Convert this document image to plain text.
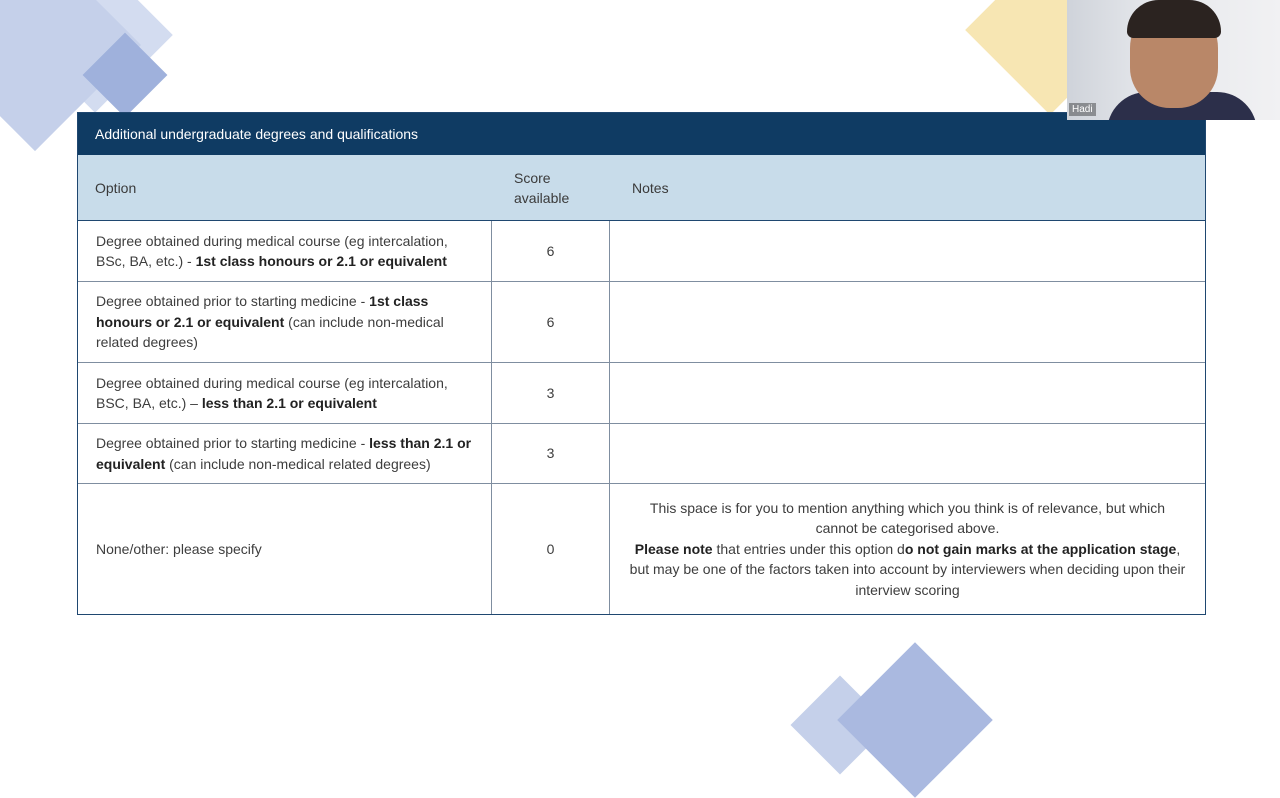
Additional undergraduate degrees and qualifications
Option
Score
available
Notes
Degree obtained during medical course (eg intercalation, BSc, BA, etc.) - 1st class honours or 2.1 or equivalent
6
Degree obtained prior to starting medicine - 1st class honours or 2.1 or equivalent (can include non-medical related degrees)
6
Degree obtained during medical course (eg intercalation, BSC, BA, etc.) – less than 2.1 or equivalent
3
Degree obtained prior to starting medicine - less than 2.1 or equivalent (can include non-medical related degrees)
3
None/other: please specify	0
This space is for you to mention anything which you think is of relevance, but which cannot be categorised above.
Please note that entries under this option do not gain marks at the application stage, but may be one of the factors taken into account by interviewers when deciding upon their interview scoring
Hadi
